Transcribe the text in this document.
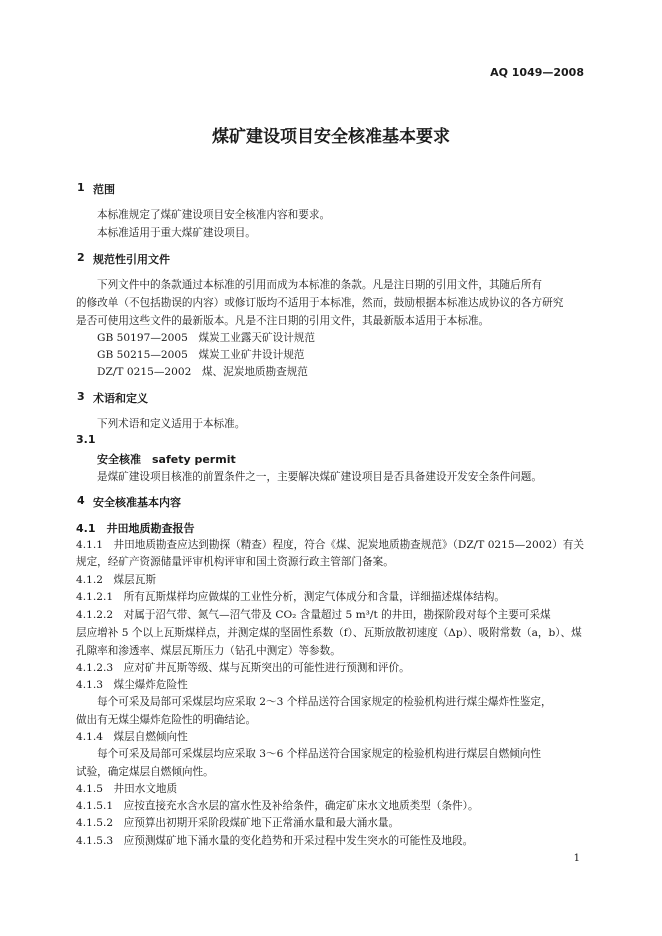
AQ 1049—2008
煤矿建设项目安全核准基本要求
1 范围
本标准规定了煤矿建设项目安全核准内容和要求。
本标准适用于重大煤矿建设项目。
2 规范性引用文件
下列文件中的条款通过本标准的引用而成为本标准的条款。凡是注日期的引用文件，其随后所有
的修改单（不包括勘误的内容）或修订版均不适用于本标准，然而，鼓励根据本标准达成协议的各方研究
是否可使用这些文件的最新版本。凡是不注日期的引用文件，其最新版本适用于本标准。
GB 50197—2005　煤炭工业露天矿设计规范
GB 50215—2005　煤炭工业矿井设计规范
DZ/T 0215—2002　煤、泥炭地质勘查规范
3 术语和定义
下列术语和定义适用于本标准。
3.1
安全核准　safety permit
是煤矿建设项目核准的前置条件之一，主要解决煤矿建设项目是否具备建设开发安全条件问题。
4 安全核准基本内容
4.1　井田地质勘查报告
4.1.1　井田地质勘查应达到勘探（精查）程度，符合《煤、泥炭地质勘查规范》（DZ/T 0215—2002）有关
规定，经矿产资源储量评审机构评审和国土资源行政主管部门备案。
4.1.2　煤层瓦斯
4.1.2.1　所有瓦斯煤样均应做煤的工业性分析，测定气体成分和含量，详细描述煤体结构。
4.1.2.2　对属于沼气带、氮气—沼气带及 CO₂ 含量超过 5 m³/t 的井田，勘探阶段对每个主要可采煤
层应增补 5 个以上瓦斯煤样点，并测定煤的坚固性系数（f）、瓦斯放散初速度（Δp）、吸附常数（a，b）、煤
孔隙率和渗透率、煤层瓦斯压力（钻孔中测定）等参数。
4.1.2.3　应对矿井瓦斯等级、煤与瓦斯突出的可能性进行预测和评价。
4.1.3　煤尘爆炸危险性
每个可采及局部可采煤层均应采取 2～3 个样品送符合国家规定的检验机构进行煤尘爆炸性鉴定，
做出有无煤尘爆炸危险性的明确结论。
4.1.4　煤层自燃倾向性
每个可采及局部可采煤层均应采取 3～6 个样品送符合国家规定的检验机构进行煤层自燃倾向性
试验，确定煤层自燃倾向性。
4.1.5　井田水文地质
4.1.5.1　应按直接充水含水层的富水性及补给条件，确定矿床水文地质类型（条件）。
4.1.5.2　应预算出初期开采阶段煤矿地下正常涌水量和最大涌水量。
4.1.5.3　应预测煤矿地下涌水量的变化趋势和开采过程中发生突水的可能性及地段。
1
